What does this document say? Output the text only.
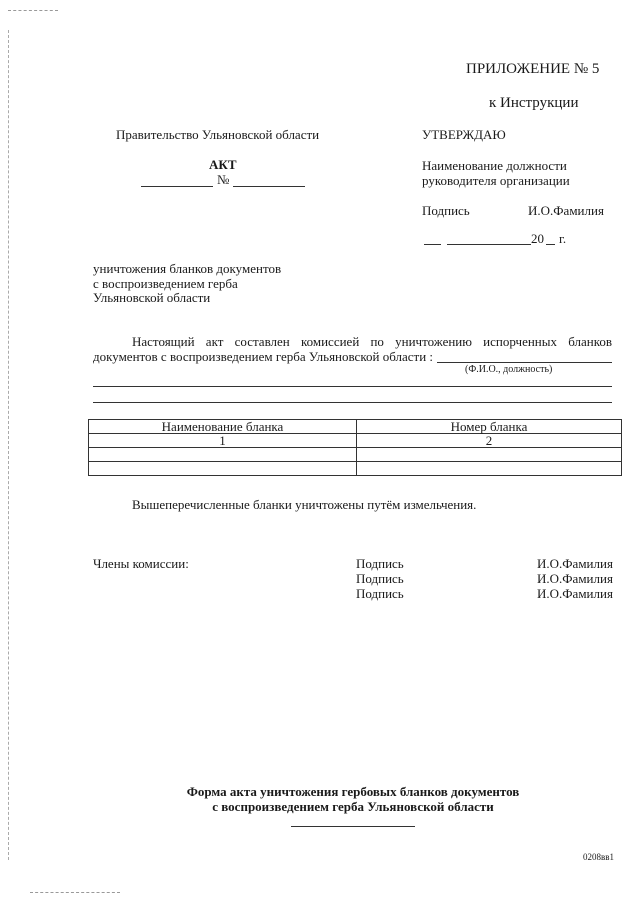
ПРИЛОЖЕНИЕ № 5
к Инструкции
Правительство Ульяновской области
АКТ
№
УТВЕРЖДАЮ
Наименование должности
руководителя организации
Подпись	И.О.Фамилия
20 г.
уничтожения бланков документов
с воспроизведением герба
Ульяновской области
Настоящий акт составлен комиссией по уничтожению испорченных бланков
документов с воспроизведением герба Ульяновской области :
(Ф.И.О., должность)
Наименование бланка	Номер бланка
1	2

Вышеперечисленные бланки уничтожены путём измельчения.
Члены комиссии:	Подпись	И.О.Фамилия
Подпись	И.О.Фамилия
Подпись	И.О.Фамилия
Форма акта уничтожения гербовых бланков документов
с воспроизведением герба Ульяновской области
0208вв1
